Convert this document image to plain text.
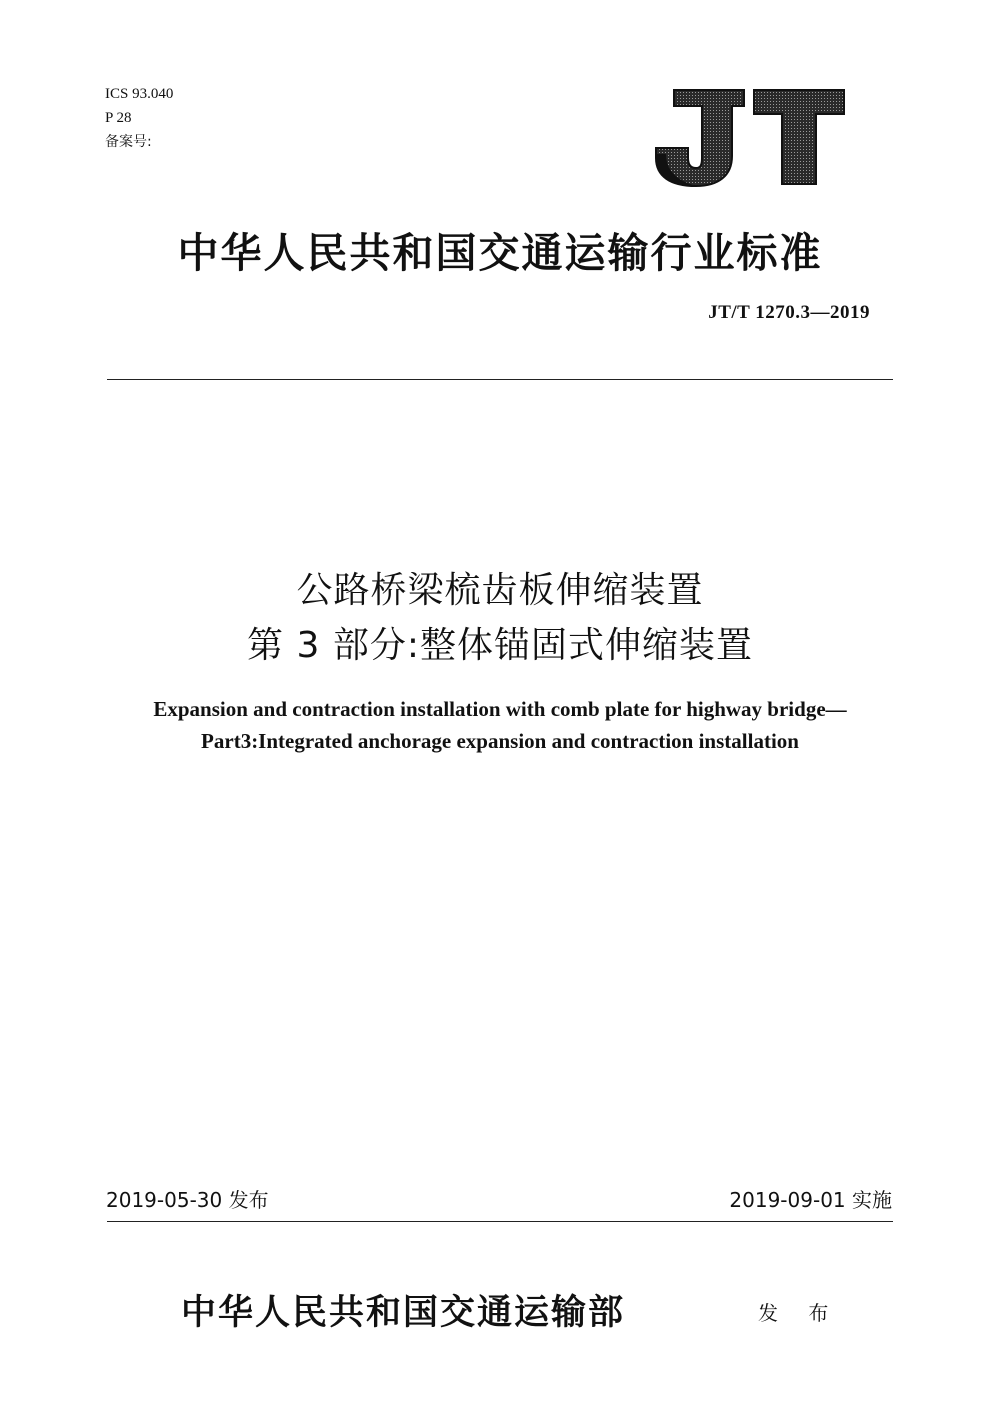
ICS 93.040
P 28
备案号:
中华人民共和国交通运输行业标准
JT/T 1270.3—2019
公路桥梁梳齿板伸缩装置
第 3 部分:整体锚固式伸缩装置
Expansion and contraction installation with comb plate for highway bridge—
Part3:Integrated anchorage expansion and contraction installation
2019-05-30 发布	2019-09-01 实施
中华人民共和国交通运输部	发 布
